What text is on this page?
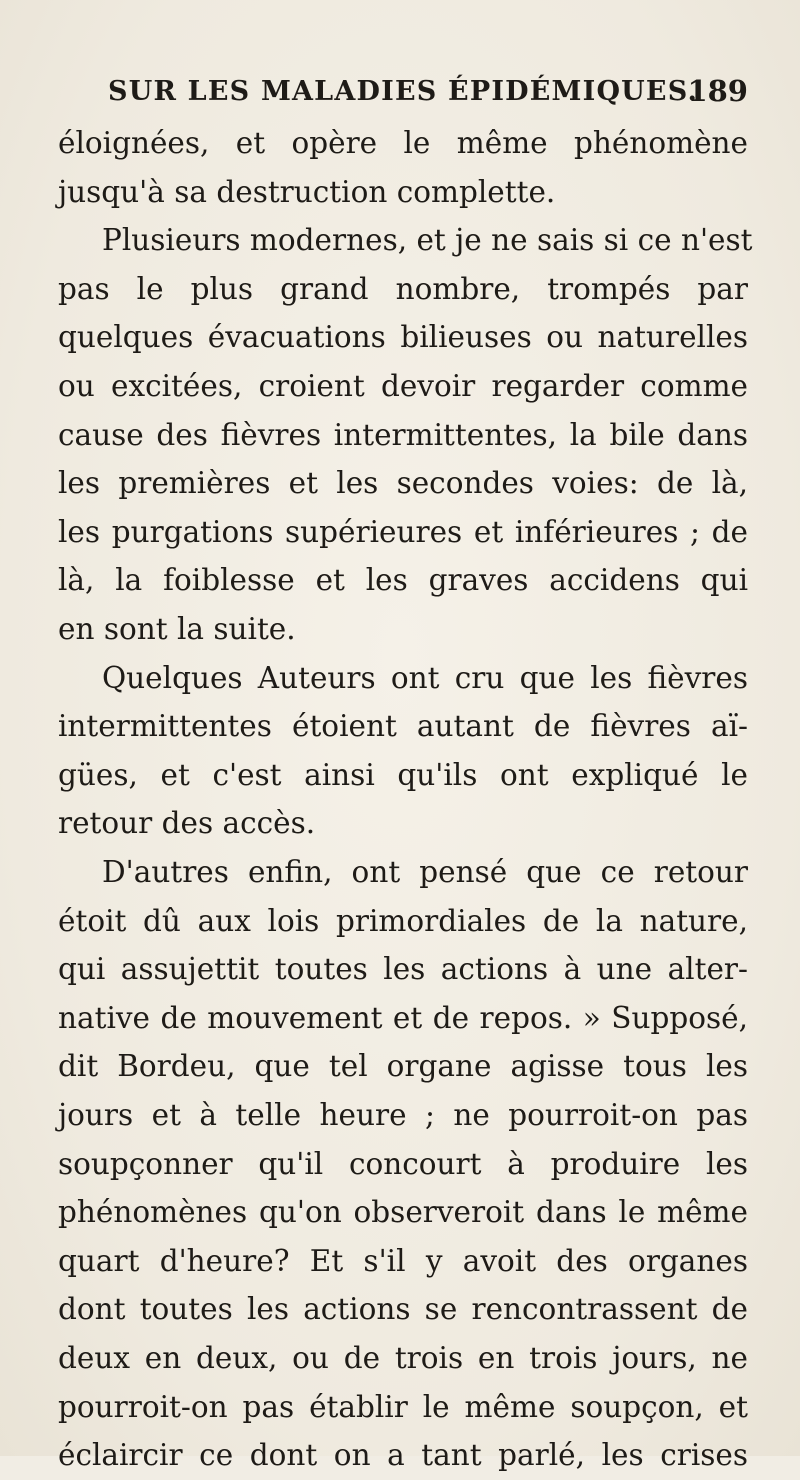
SUR LES MALADIES ÉPIDÉMIQUES.
189
éloignées, et opère le même phénomène
jusqu'à sa destruction complette.
Plusieurs modernes, et je ne sais si ce n'est
pas le plus grand nombre, trompés par
quelques évacuations bilieuses ou naturelles
ou excitées, croient devoir regarder comme
cause des fièvres intermittentes, la bile dans
les premières et les secondes voies: de là,
les purgations supérieures et inférieures ; de
là, la foiblesse et les graves accidens qui
en sont la suite.
Quelques Auteurs ont cru que les fièvres
intermittentes étoient autant de fièvres aï-
gües, et c'est ainsi qu'ils ont expliqué le
retour des accès.
D'autres enfin, ont pensé que ce retour
étoit dû aux lois primordiales de la nature,
qui assujettit toutes les actions à une alter-
native de mouvement et de repos. » Supposé,
dit Bordeu, que tel organe agisse tous les
jours et à telle heure ; ne pourroit-on pas
soupçonner qu'il concourt à produire les
phénomènes qu'on observeroit dans le même
quart d'heure? Et s'il y avoit des organes
dont toutes les actions se rencontrassent de
deux en deux, ou de trois en trois jours, ne
pourroit-on pas établir le même soupçon, et
éclaircir ce dont on a tant parlé, les crises
